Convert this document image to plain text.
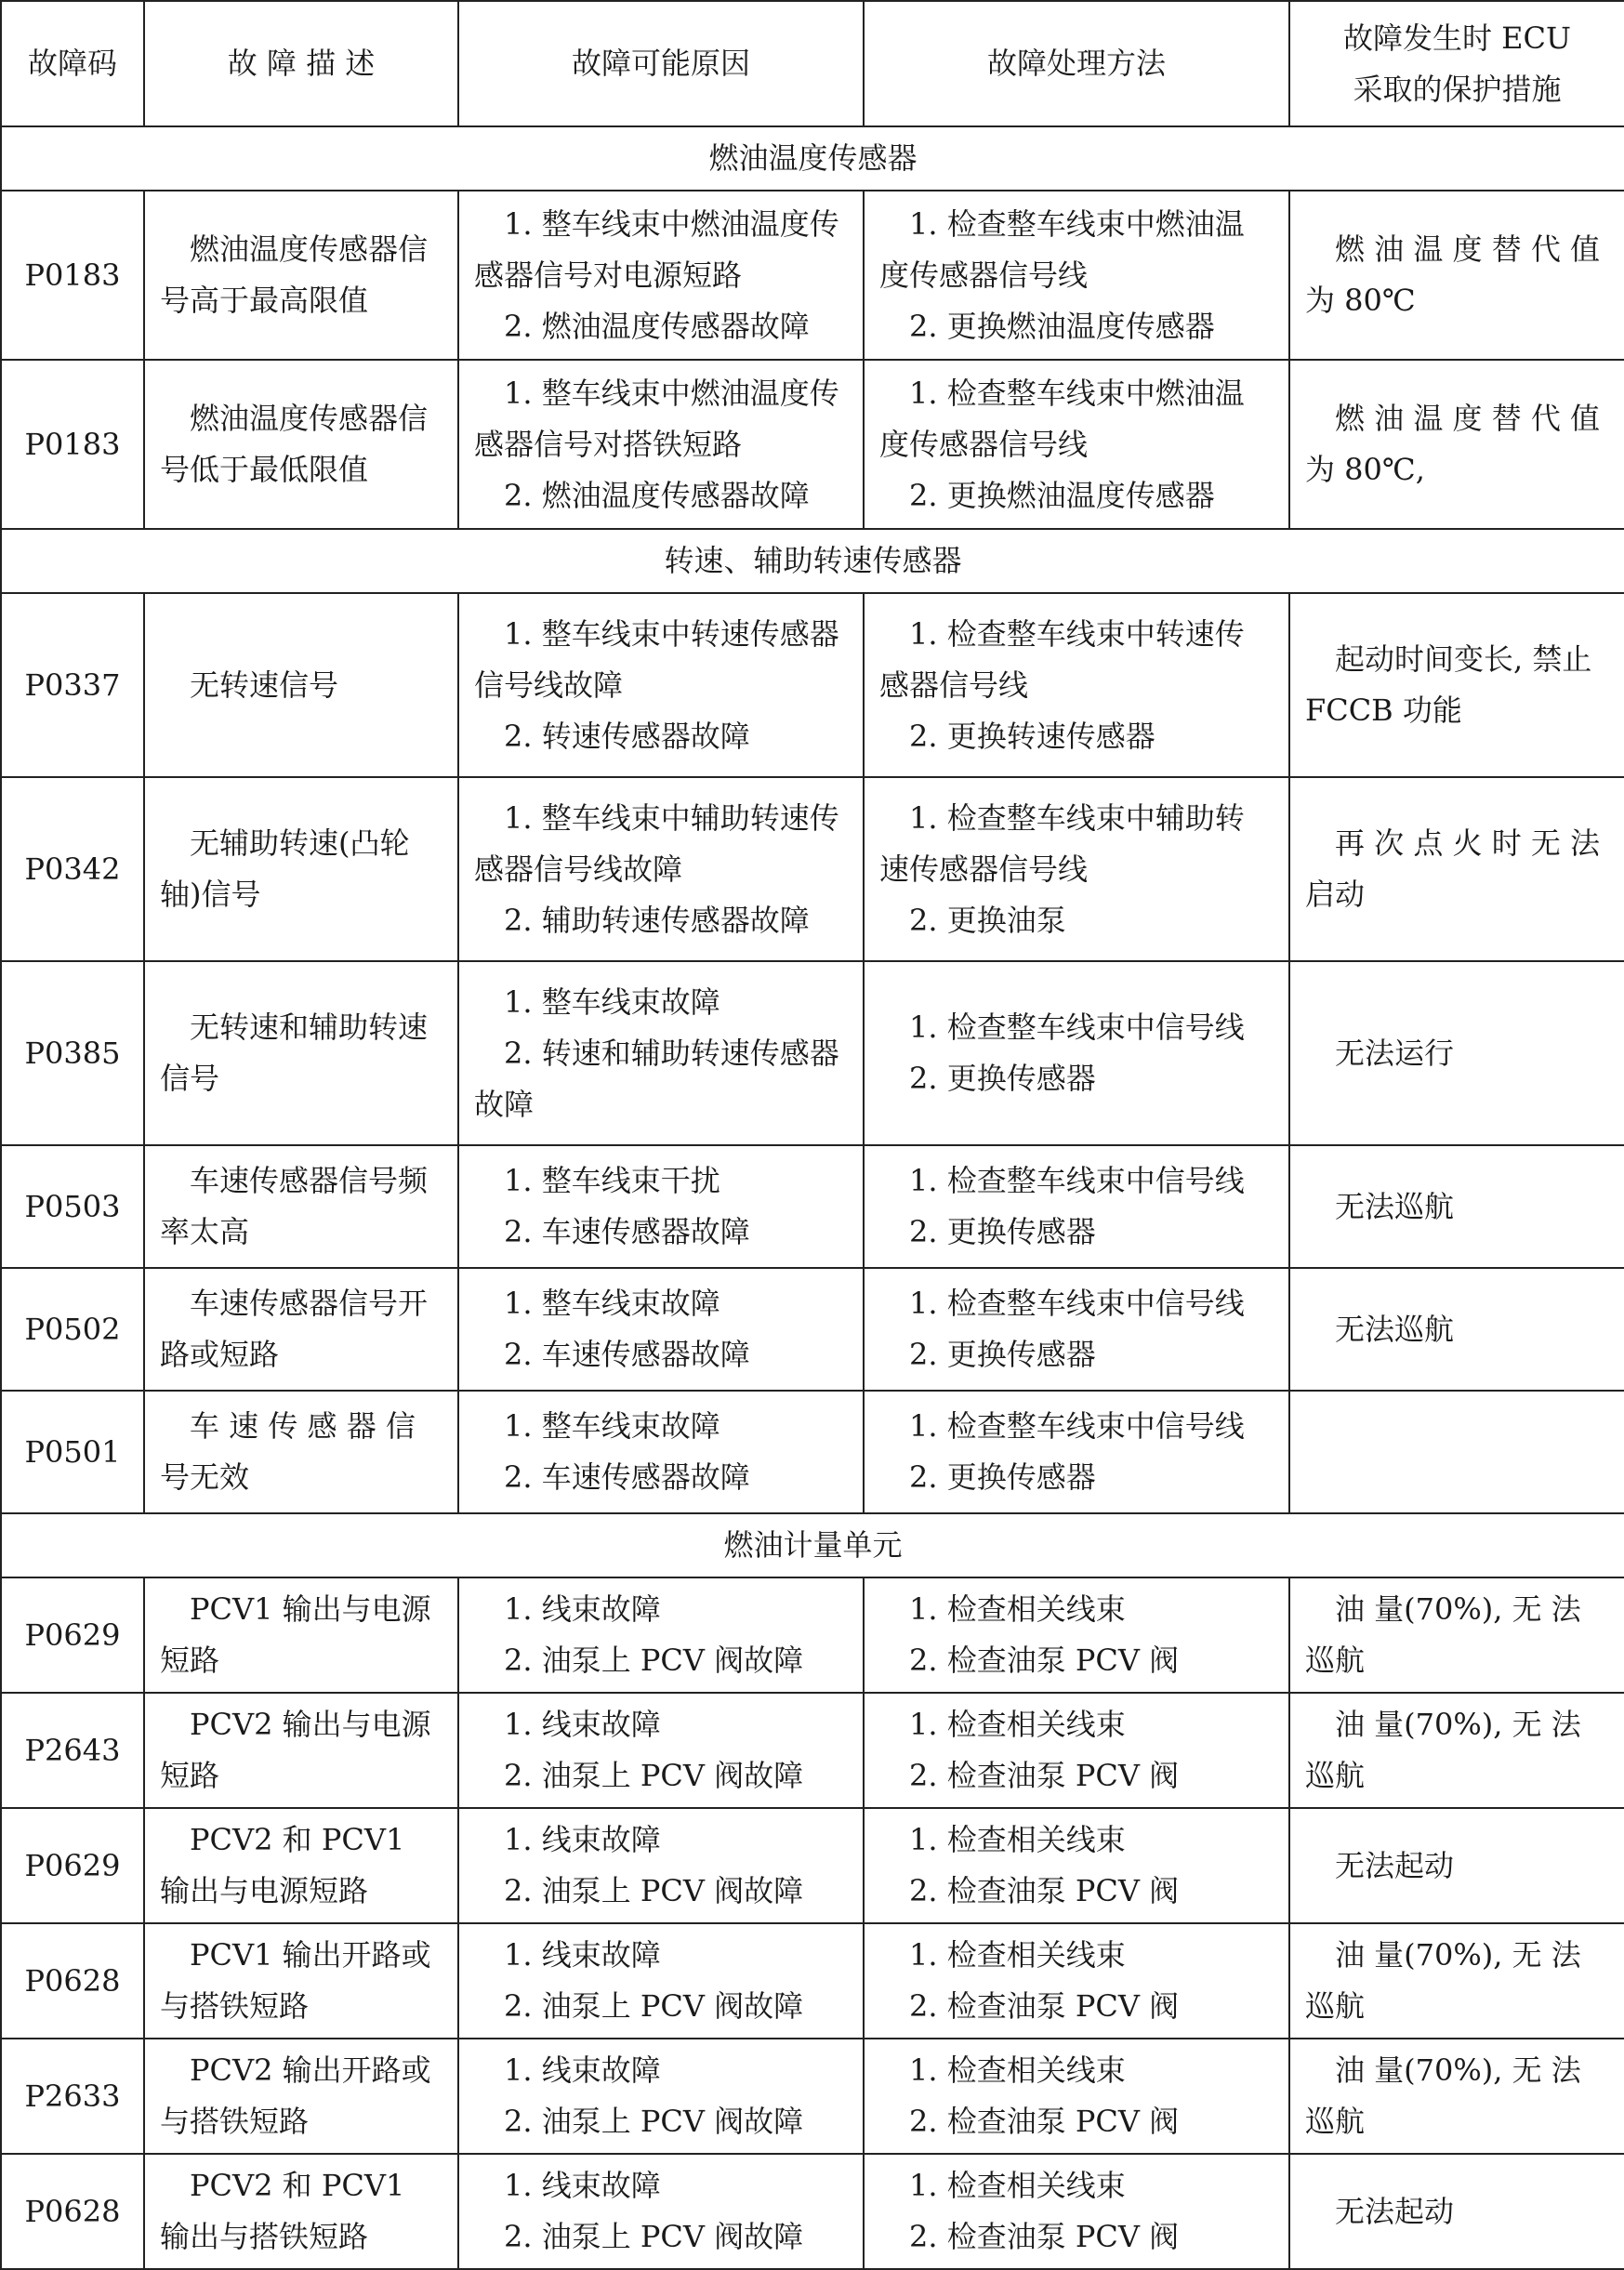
故障码	故 障 描 述	故障可能原因	故障处理方法	故障发生时 ECU
采取的保护措施

燃油温度传感器				
P0183	燃油温度传感器信号高于最高限值	1. 整车线束中燃油温度传感器信号对电源短路
2. 燃油温度传感器故障	1. 检查整车线束中燃油温度传感器信号线
2. 更换燃油温度传感器	燃 油 温 度 替 代 值为 80℃

P0183	燃油温度传感器信号低于最低限值	1. 整车线束中燃油温度传感器信号对搭铁短路
2. 燃油温度传感器故障	1. 检查整车线束中燃油温度传感器信号线
2. 更换燃油温度传感器	燃 油 温 度 替 代 值为 80℃,

转速、辅助转速传感器				
P0337	无转速信号	1. 整车线束中转速传感器信号线故障
2. 转速传感器故障	1. 检查整车线束中转速传感器信号线
2. 更换转速传感器	起动时间变长, 禁止 FCCB 功能

P0342	无辅助转速(凸轮轴)信号	1. 整车线束中辅助转速传感器信号线故障
2. 辅助转速传感器故障	1. 检查整车线束中辅助转速传感器信号线
2. 更换油泵	再 次 点 火 时 无 法启动

P0385	无转速和辅助转速信号	1. 整车线束故障
2. 转速和辅助转速传感器故障	1. 检查整车线束中信号线
2. 更换传感器	无法运行

P0503	车速传感器信号频率太高	1. 整车线束干扰
2. 车速传感器故障	1. 检查整车线束中信号线
2. 更换传感器	无法巡航

P0502	车速传感器信号开路或短路	1. 整车线束故障
2. 车速传感器故障	1. 检查整车线束中信号线
2. 更换传感器	无法巡航

P0501	车 速 传 感 器 信 号无效	1. 整车线束故障
2. 车速传感器故障	1. 检查整车线束中信号线
2. 更换传感器	

燃油计量单元				
P0629	PCV1 输出与电源短路	1. 线束故障
2. 油泵上 PCV 阀故障	1. 检查相关线束
2. 检查油泵 PCV 阀	油 量(70%), 无 法巡航

P2643	PCV2 输出与电源短路	1. 线束故障
2. 油泵上 PCV 阀故障	1. 检查相关线束
2. 检查油泵 PCV 阀	油 量(70%), 无 法巡航

P0629	PCV2 和 PCV1 输出与电源短路	1. 线束故障
2. 油泵上 PCV 阀故障	1. 检查相关线束
2. 检查油泵 PCV 阀	无法起动

P0628	PCV1 输出开路或与搭铁短路	1. 线束故障
2. 油泵上 PCV 阀故障	1. 检查相关线束
2. 检查油泵 PCV 阀	油 量(70%), 无 法巡航

P2633	PCV2 输出开路或与搭铁短路	1. 线束故障
2. 油泵上 PCV 阀故障	1. 检查相关线束
2. 检查油泵 PCV 阀	油 量(70%), 无 法巡航

P0628	PCV2 和 PCV1 输出与搭铁短路	1. 线束故障
2. 油泵上 PCV 阀故障	1. 检查相关线束
2. 检查油泵 PCV 阀	无法起动
